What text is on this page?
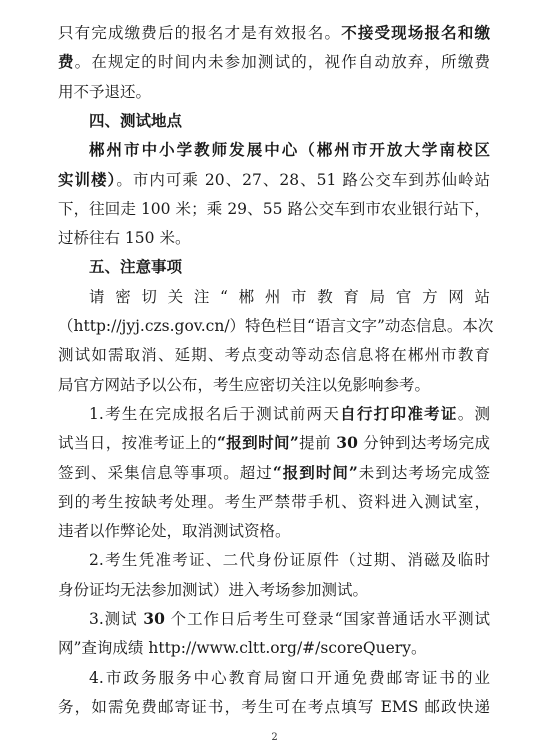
只有完成缴费后的报名才是有效报名。不接受现场报名和缴
费。在规定的时间内未参加测试的，视作自动放弃，所缴费
用不予退还。
四、测试地点
郴州市中小学教师发展中心（郴州市开放大学南校区
实训楼）。市内可乘 20、27、28、51 路公交车到苏仙岭站
下，往回走 100 米；乘 29、55 路公交车到市农业银行站下，
过桥往右 150 米。
五、注意事项
请密切关注“郴州市教育局官方网站
（http://jyj.czs.gov.cn/）特色栏目“语言文字”动态信息。本次
测试如需取消、延期、考点变动等动态信息将在郴州市教育
局官方网站予以公布，考生应密切关注以免影响参考。
1.考生在完成报名后于测试前两天自行打印准考证。测
试当日，按准考证上的“报到时间”提前 30 分钟到达考场完成
签到、采集信息等事项。超过“报到时间”未到达考场完成签
到的考生按缺考处理。考生严禁带手机、资料进入测试室，
违者以作弊论处，取消测试资格。
2.考生凭准考证、二代身份证原件（过期、消磁及临时
身份证均无法参加测试）进入考场参加测试。
3.测试 30 个工作日后考生可登录“国家普通话水平测试
网”查询成绩 http://www.cltt.org/#/scoreQuery。
4.市政务服务中心教育局窗口开通免费邮寄证书的业
务，如需免费邮寄证书，考生可在考点填写 EMS 邮政快递
2
